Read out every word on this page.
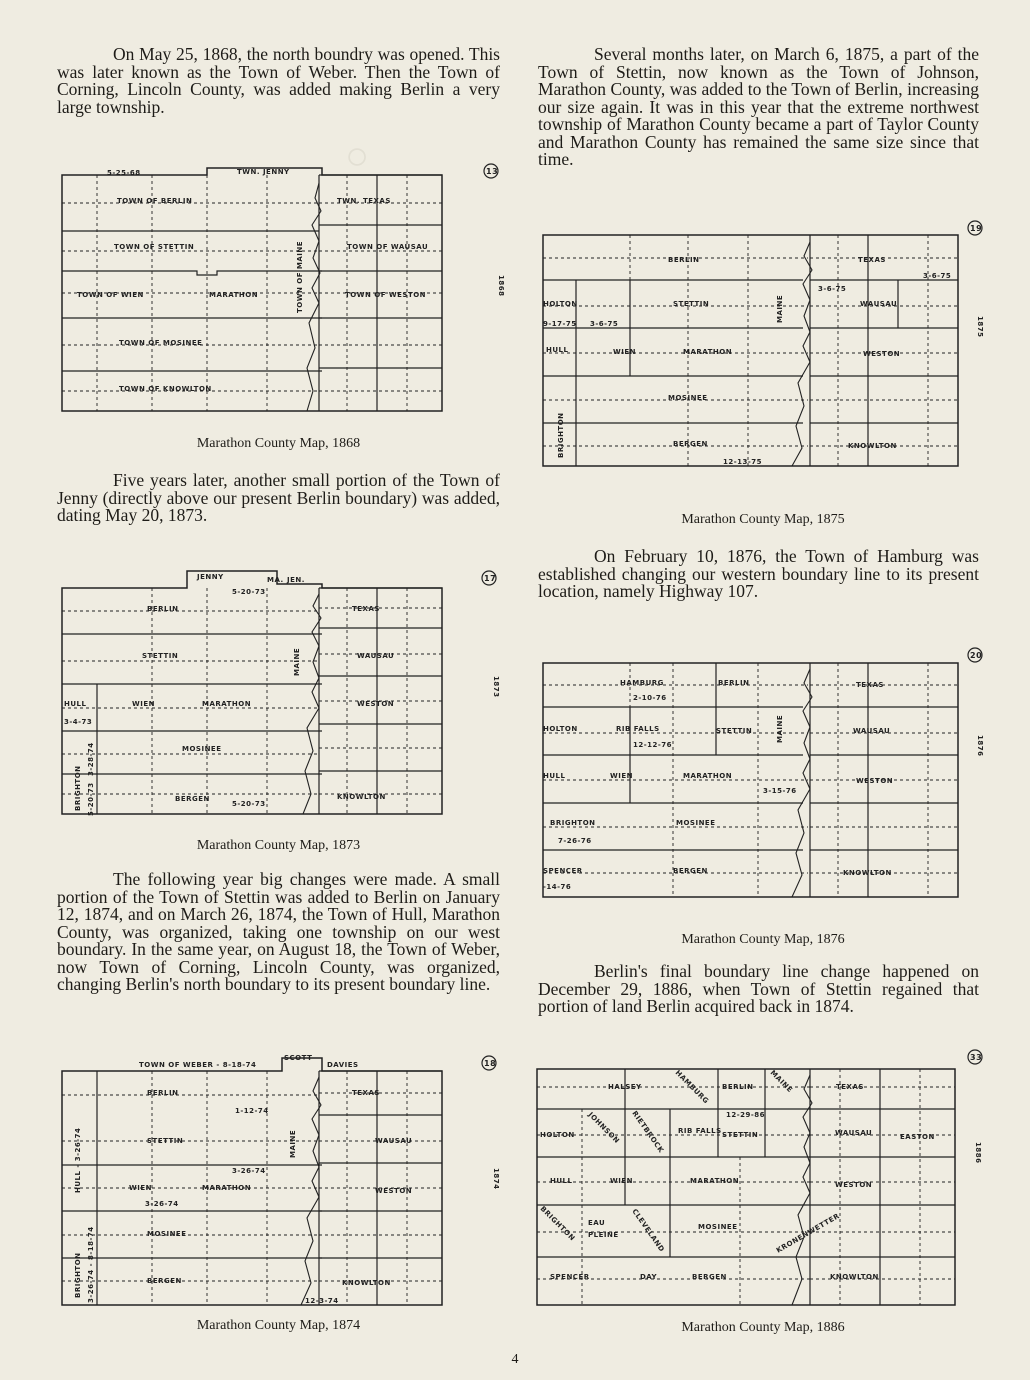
○

On May 25, 1868, the north boundry was opened. This was later known as the Town of Weber. Then the Town of Corning, Lincoln County, was added making Berlin a very large township.

5-25-68	TWN. JENNY
TOWN OF BERLIN	TWN. TEXAS
TOWN OF STETTIN	TOWN OF WAUSAU
TOWN OF WIEN	MARATHON	TOWN OF WESTON
TOWN OF MOSINEE
TOWN OF KNOWLTON
TOWN OF MAINE	1868
13
Marathon County Map, 1868

Five years later, another small portion of the Town of Jenny (directly above our present Berlin boundary) was added, dating May 20, 1873.

JENNY	MA. JEN.
5-20-73
BERLIN	TEXAS
STETTIN	WAUSAU
HULL
3-4-73
WIEN	MARATHON	WESTON
MOSINEE
BERGEN
5-20-73
KNOWLTON
MAINE
BRIGHTON
3-28-74
5-20-73
1873
17
Marathon County Map, 1873

The following year big changes were made. A small portion of the Town of Stettin was added to Berlin on January 12, 1874, and on March 26, 1874, the Town of Hull, Marathon County, was organized, taking one township on our west boundary. In the same year, on August 18, the Town of Weber, now Town of Corning, Lincoln County, was organized, changing Berlin's north boundary to its present boundary line.

TOWN OF WEBER - 8-18-74
SCOTT
DAVIES
BERLIN	TEXAS
1-12-74
STETTIN	WAUSAU
3-26-74
WIEN	MARATHON
3-26-74
WESTON
MOSINEE
BERGEN
12-3-74
KNOWLTON
MAINE
HULL - 3-26-74
BRIGHTON 3-26-74 - 8-18-74
1874
18
Marathon County Map, 1874

Several months later, on March 6, 1875, a part of the Town of Stettin, now known as the Town of Johnson, Marathon County, was added to the Town of Berlin, increasing our size again. It was in this year that the extreme northwest township of Marathon County became a part of Taylor County and Marathon County has remained the same size since that time.

BERLIN	TEXAS
3-6-75
3-6-75
HOLTON	STETTIN	WAUSAU
9-17-75 3-6-75
HULL	WIEN	MARATHON	WESTON
MOSINEE
BERGEN	KNOWLTON
12-13-75
MAINE
BRIGHTON
1875
19
Marathon County Map, 1875

On February 10, 1876, the Town of Hamburg was established changing our western boundary line to its present location, namely Highway 107.

HAMBURG
2-10-76
BERLIN	TEXAS
HOLTON	RIB FALLS
12-12-76
STETTIN	WAUSAU
HULL	WIEN	MARATHON
3-15-76
WESTON
BRIGHTON
7-26-76
MOSINEE
SPENCER
-14-76
BERGEN	KNOWLTON
MAINE
1876
20
Marathon County Map, 1876

Berlin's final boundary line change happened on December 29, 1886, when Town of Stettin regained that portion of land Berlin acquired back in 1874.

HALSEY	HAMBURG BERLIN MAINE	TEXAS
12-29-86
JOHNSON RIETBROCK
HOLTON	RIB FALLS STETTIN	WAUSAU	EASTON
HULL	WIEN	MARATHON	WESTON
BRIGHTON EAU
PLEINE CLEVELAND	MOSINEE	KRONENWETTER
SPENCER	DAY	BERGEN	KNOWLTON
1886
33
Marathon County Map, 1886
4
